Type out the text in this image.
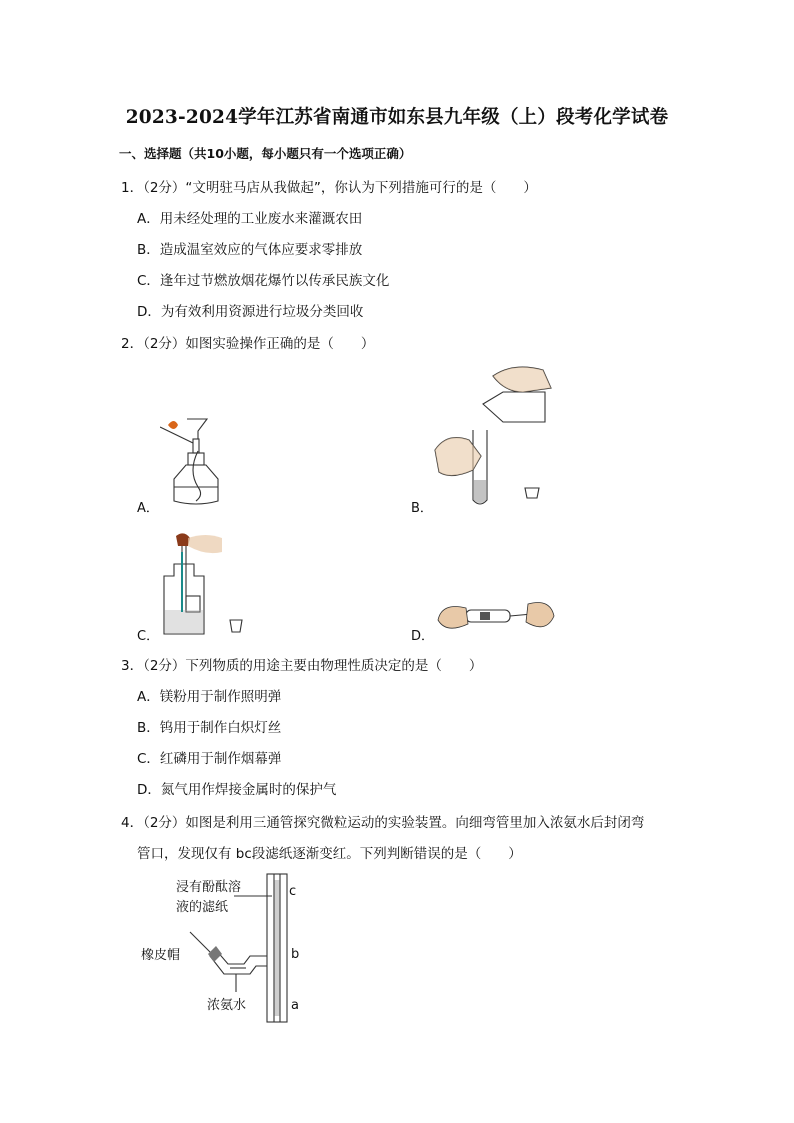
2023-2024学年江苏省南通市如东县九年级（上）段考化学试卷
一、选择题（共10小题，每小题只有一个选项正确）
1．（2分）“文明驻马店从我做起”，你认为下列措施可行的是（　　）
A．用未经处理的工业废水来灌溉农田
B．造成温室效应的气体应要求零排放
C．逢年过节燃放烟花爆竹以传承民族文化
D．为有效利用资源进行垃圾分类回收
2．（2分）如图实验操作正确的是（　　）
A．	B．
C．	D．
3．（2分）下列物质的用途主要由物理性质决定的是（　　）
A．镁粉用于制作照明弹
B．钨用于制作白炽灯丝
C．红磷用于制作烟幕弹
D．氮气用作焊接金属时的保护气
4．（2分）如图是利用三通管探究微粒运动的实验装置。向细弯管里加入浓氨水后封闭弯
管口，发现仅有 bc段滤纸逐渐变红。下列判断错误的是（　　）
浸有酚酞溶
液的滤纸
橡皮帽
浓氨水
c
b
a
